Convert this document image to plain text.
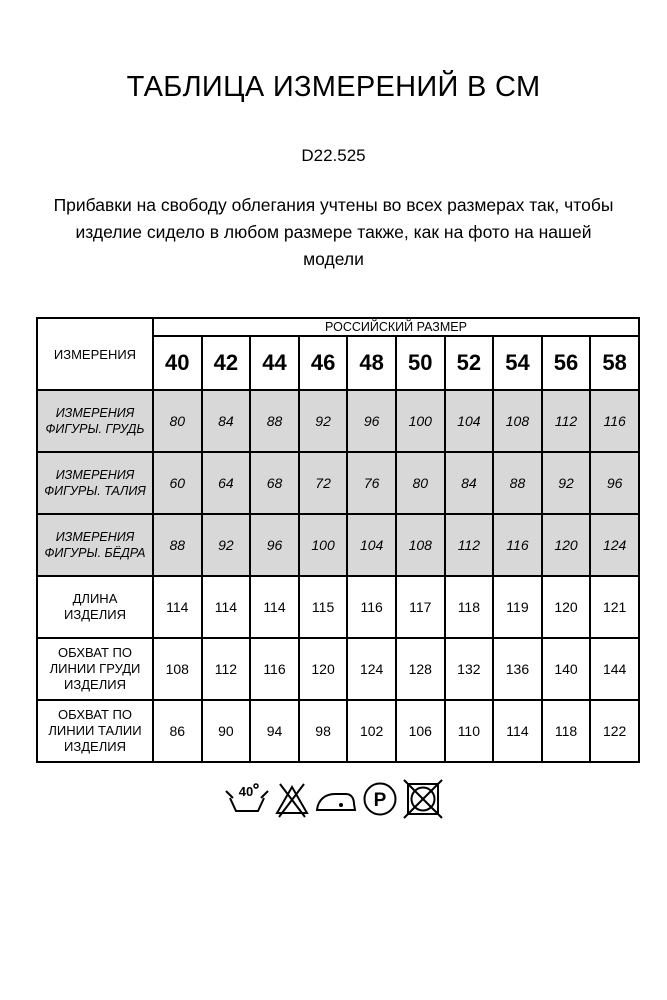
ТАБЛИЦА ИЗМЕРЕНИЙ В СМ
D22.525
Прибавки на свободу облегания учтены во всех размерах так, чтобы изделие сидело в любом размере также, как на фото на нашей модели
ИЗМЕРЕНИЯ	РОССИЙСКИЙ РАЗМЕР									
	40	42	44	46	48	50	52	54	56	58
ИЗМЕРЕНИЯ ФИГУРЫ. ГРУДЬ	80	84	88	92	96	100	104	108	112	116
ИЗМЕРЕНИЯ ФИГУРЫ. ТАЛИЯ	60	64	68	72	76	80	84	88	92	96
ИЗМЕРЕНИЯ ФИГУРЫ. БЁДРА	88	92	96	100	104	108	112	116	120	124
ДЛИНА ИЗДЕЛИЯ	114	114	114	115	116	117	118	119	120	121
ОБХВАТ ПО ЛИНИИ ГРУДИ ИЗДЕЛИЯ	108	112	116	120	124	128	132	136	140	144
ОБХВАТ ПО ЛИНИИ ТАЛИИ ИЗДЕЛИЯ	86	90	94	98	102	106	110	114	118	122
40	P
